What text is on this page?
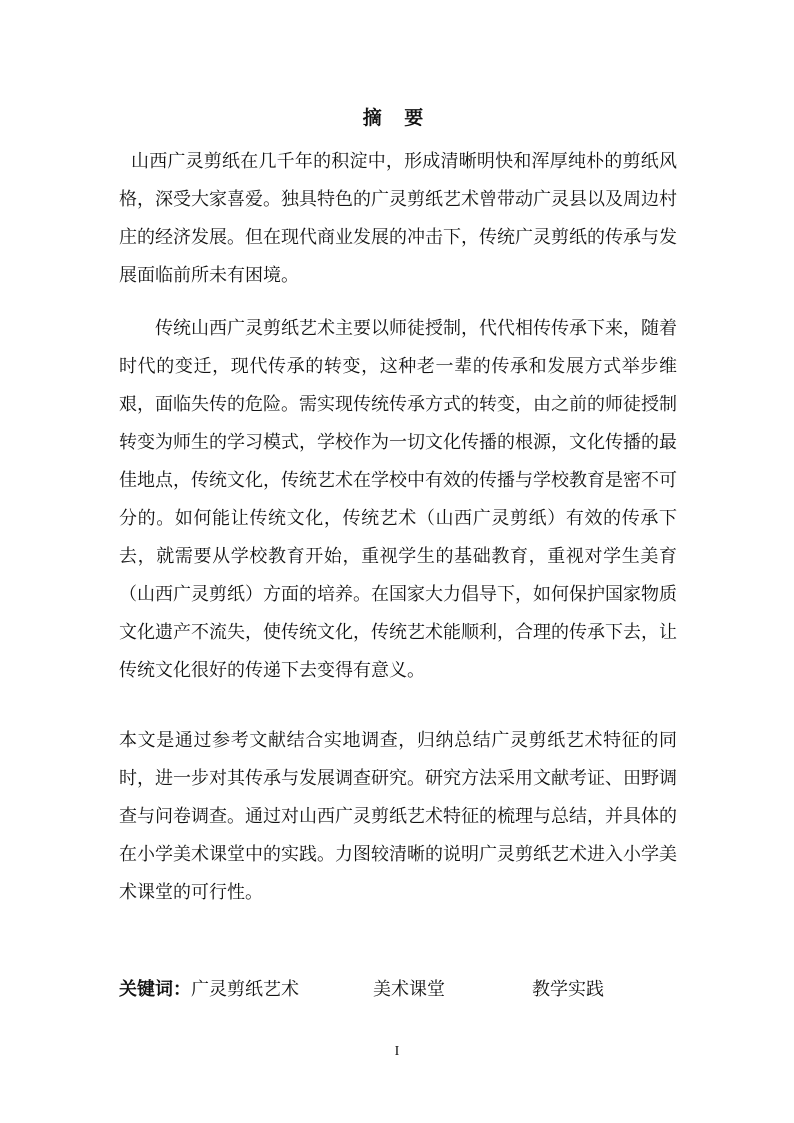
摘 要

山西广灵剪纸在几千年的积淀中，形成清晰明快和浑厚纯朴的剪纸风格，深受大家喜爱。独具特色的广灵剪纸艺术曾带动广灵县以及周边村庄的经济发展。但在现代商业发展的冲击下，传统广灵剪纸的传承与发展面临前所未有困境。

传统山西广灵剪纸艺术主要以师徒授制，代代相传传承下来，随着时代的变迁，现代传承的转变，这种老一辈的传承和发展方式举步维艰，面临失传的危险。需实现传统传承方式的转变，由之前的师徒授制转变为师生的学习模式，学校作为一切文化传播的根源，文化传播的最佳地点，传统文化，传统艺术在学校中有效的传播与学校教育是密不可分的。如何能让传统文化，传统艺术（山西广灵剪纸）有效的传承下去，就需要从学校教育开始，重视学生的基础教育，重视对学生美育（山西广灵剪纸）方面的培养。在国家大力倡导下，如何保护国家物质文化遗产不流失，使传统文化，传统艺术能顺利，合理的传承下去，让传统文化很好的传递下去变得有意义。

本文是通过参考文献结合实地调查，归纳总结广灵剪纸艺术特征的同时，进一步对其传承与发展调查研究。研究方法采用文献考证、田野调查与问卷调查。通过对山西广灵剪纸艺术特征的梳理与总结，并具体的在小学美术课堂中的实践。力图较清晰的说明广灵剪纸艺术进入小学美术课堂的可行性。

关键词：广灵剪纸艺术	美术课堂	教学实践
I
